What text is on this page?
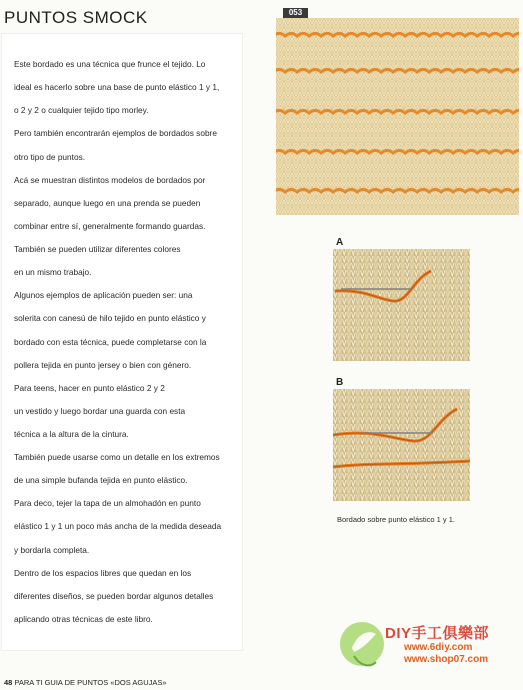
PUNTOS SMOCK
Este bordado es una técnica que frunce el tejido. Lo
ideal es hacerlo sobre una base de punto elástico 1 y 1,
o 2 y 2 o cualquier tejido tipo morley.
Pero también encontrarán ejemplos de bordados sobre
otro tipo de puntos.
Acá se muestran distintos modelos de bordados por
separado, aunque luego en una prenda se pueden
combinar entre sí, generalmente formando guardas.
También se pueden utilizar diferentes colores
en un mismo trabajo.
Algunos ejemplos de aplicación pueden ser: una
solerita con canesú de hilo tejido en punto elástico y
bordado con esta técnica, puede completarse con la
pollera tejida en punto jersey o bien con género.
Para teens, hacer en punto elástico 2 y 2
un vestido y luego bordar una guarda con esta
técnica a la altura de la cintura.
También puede usarse como un detalle en los extremos
de una simple bufanda tejida en punto elástico.
Para deco, tejer la tapa de un almohadón en punto
elástico 1 y 1 un poco más ancha de la medida deseada
y bordarla completa.
Dentro de los espacios libres que quedan en los
diferentes diseños, se pueden bordar algunos detalles
aplicando otras técnicas de este libro.
053
A
B
Bordado sobre punto elástico 1 y 1.
48 PARA TI GUIA DE PUNTOS «DOS AGUJAS»
DIY手工俱樂部
www.6diy.com
www.shop07.com
